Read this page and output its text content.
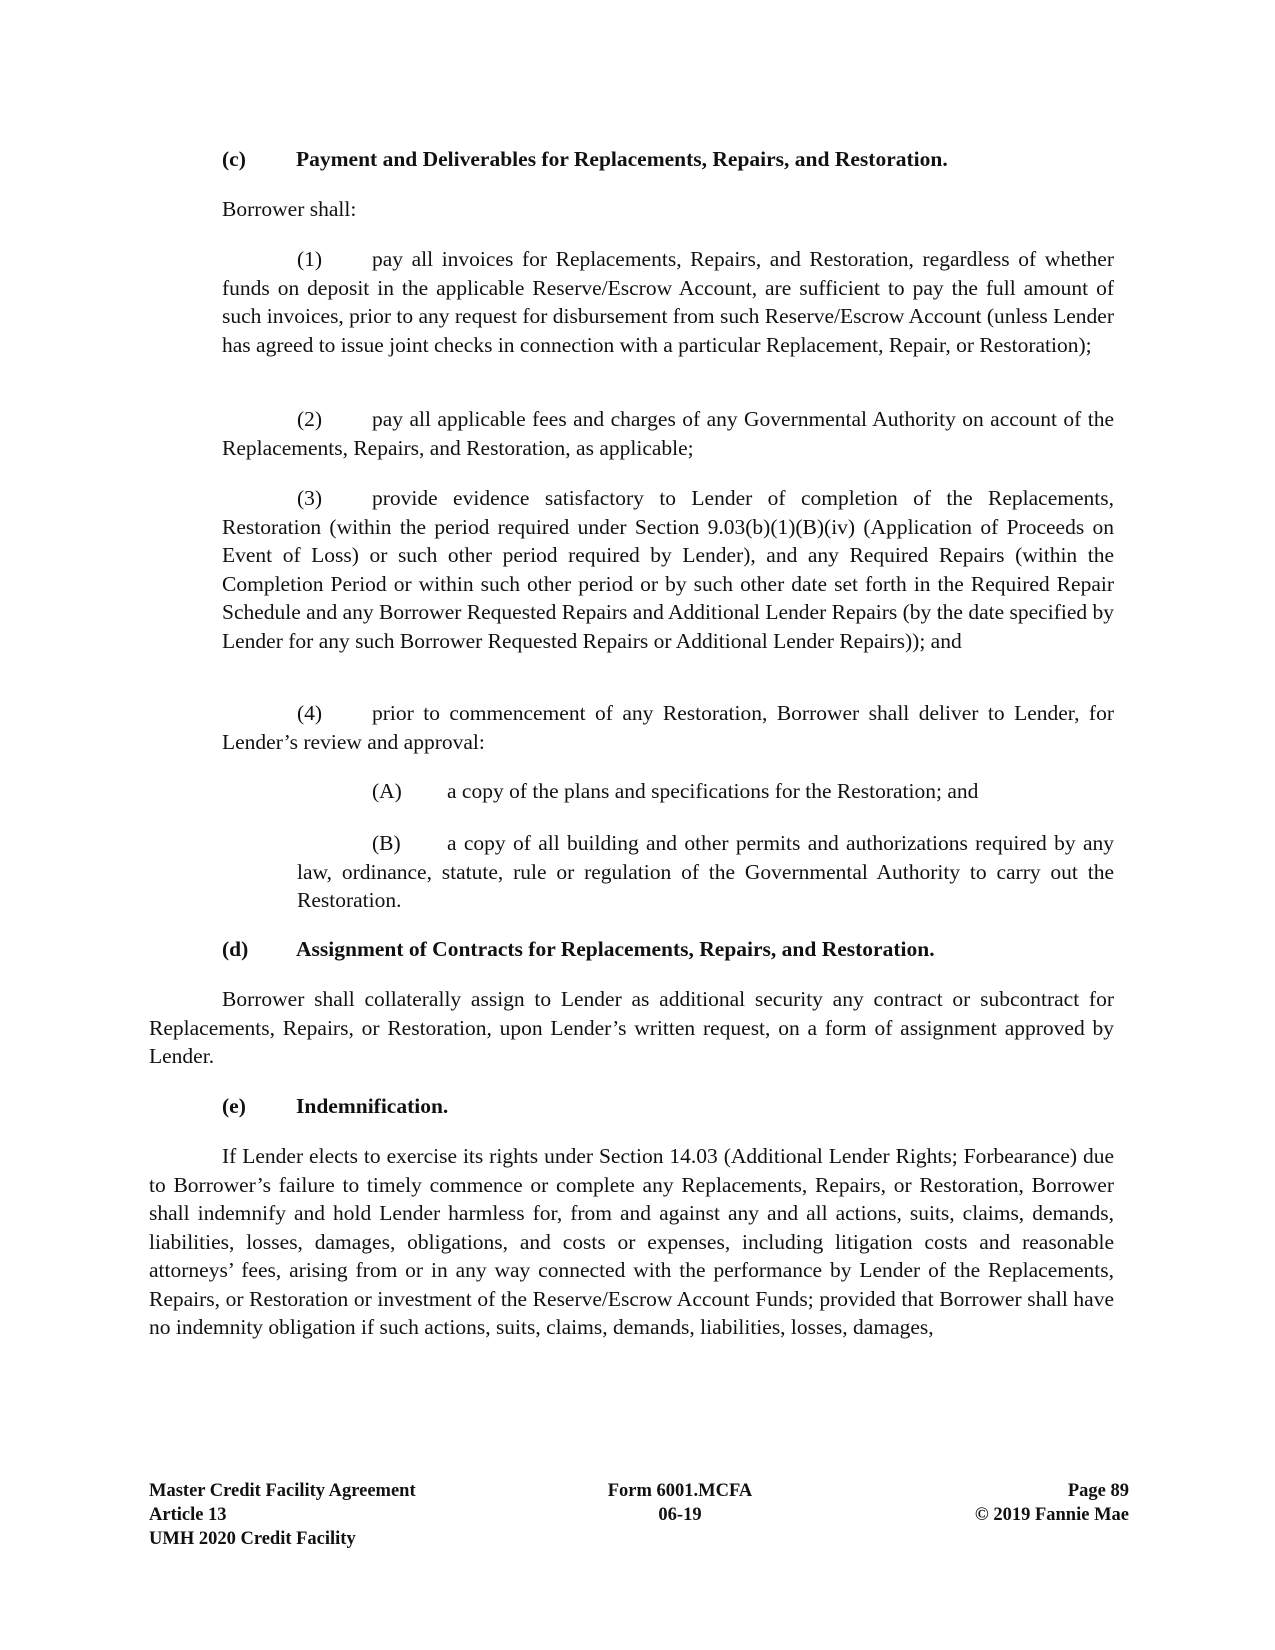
(c) Payment and Deliverables for Replacements, Repairs, and Restoration.

Borrower shall:

(1) pay all invoices for Replacements, Repairs, and Restoration, regardless of whether funds on deposit in the applicable Reserve/Escrow Account, are sufficient to pay the full amount of such invoices, prior to any request for disbursement from such Reserve/Escrow Account (unless Lender has agreed to issue joint checks in connection with a particular Replacement, Repair, or Restoration);

(2) pay all applicable fees and charges of any Governmental Authority on account of the Replacements, Repairs, and Restoration, as applicable;

(3) provide evidence satisfactory to Lender of completion of the Replacements, Restoration (within the period required under Section 9.03(b)(1)(B)(iv) (Application of Proceeds on Event of Loss) or such other period required by Lender), and any Required Repairs (within the Completion Period or within such other period or by such other date set forth in the Required Repair Schedule and any Borrower Requested Repairs and Additional Lender Repairs (by the date specified by Lender for any such Borrower Requested Repairs or Additional Lender Repairs)); and

(4) prior to commencement of any Restoration, Borrower shall deliver to Lender, for Lender’s review and approval:

(A) a copy of the plans and specifications for the Restoration; and

(B) a copy of all building and other permits and authorizations required by any law, ordinance, statute, rule or regulation of the Governmental Authority to carry out the Restoration.

(d) Assignment of Contracts for Replacements, Repairs, and Restoration.

Borrower shall collaterally assign to Lender as additional security any contract or subcontract for Replacements, Repairs, or Restoration, upon Lender’s written request, on a form of assignment approved by Lender.

(e) Indemnification.

If Lender elects to exercise its rights under Section 14.03 (Additional Lender Rights; Forbearance) due to Borrower’s failure to timely commence or complete any Replacements, Repairs, or Restoration, Borrower shall indemnify and hold Lender harmless for, from and against any and all actions, suits, claims, demands, liabilities, losses, damages, obligations, and costs or expenses, including litigation costs and reasonable attorneys’ fees, arising from or in any way connected with the performance by Lender of the Replacements, Repairs, or Restoration or investment of the Reserve/Escrow Account Funds; provided that Borrower shall have no indemnity obligation if such actions, suits, claims, demands, liabilities, losses, damages,

Master Credit Facility Agreement
Article 13
UMH 2020 Credit Facility
Form 6001.MCFA
06-19
Page 89
© 2019 Fannie Mae
